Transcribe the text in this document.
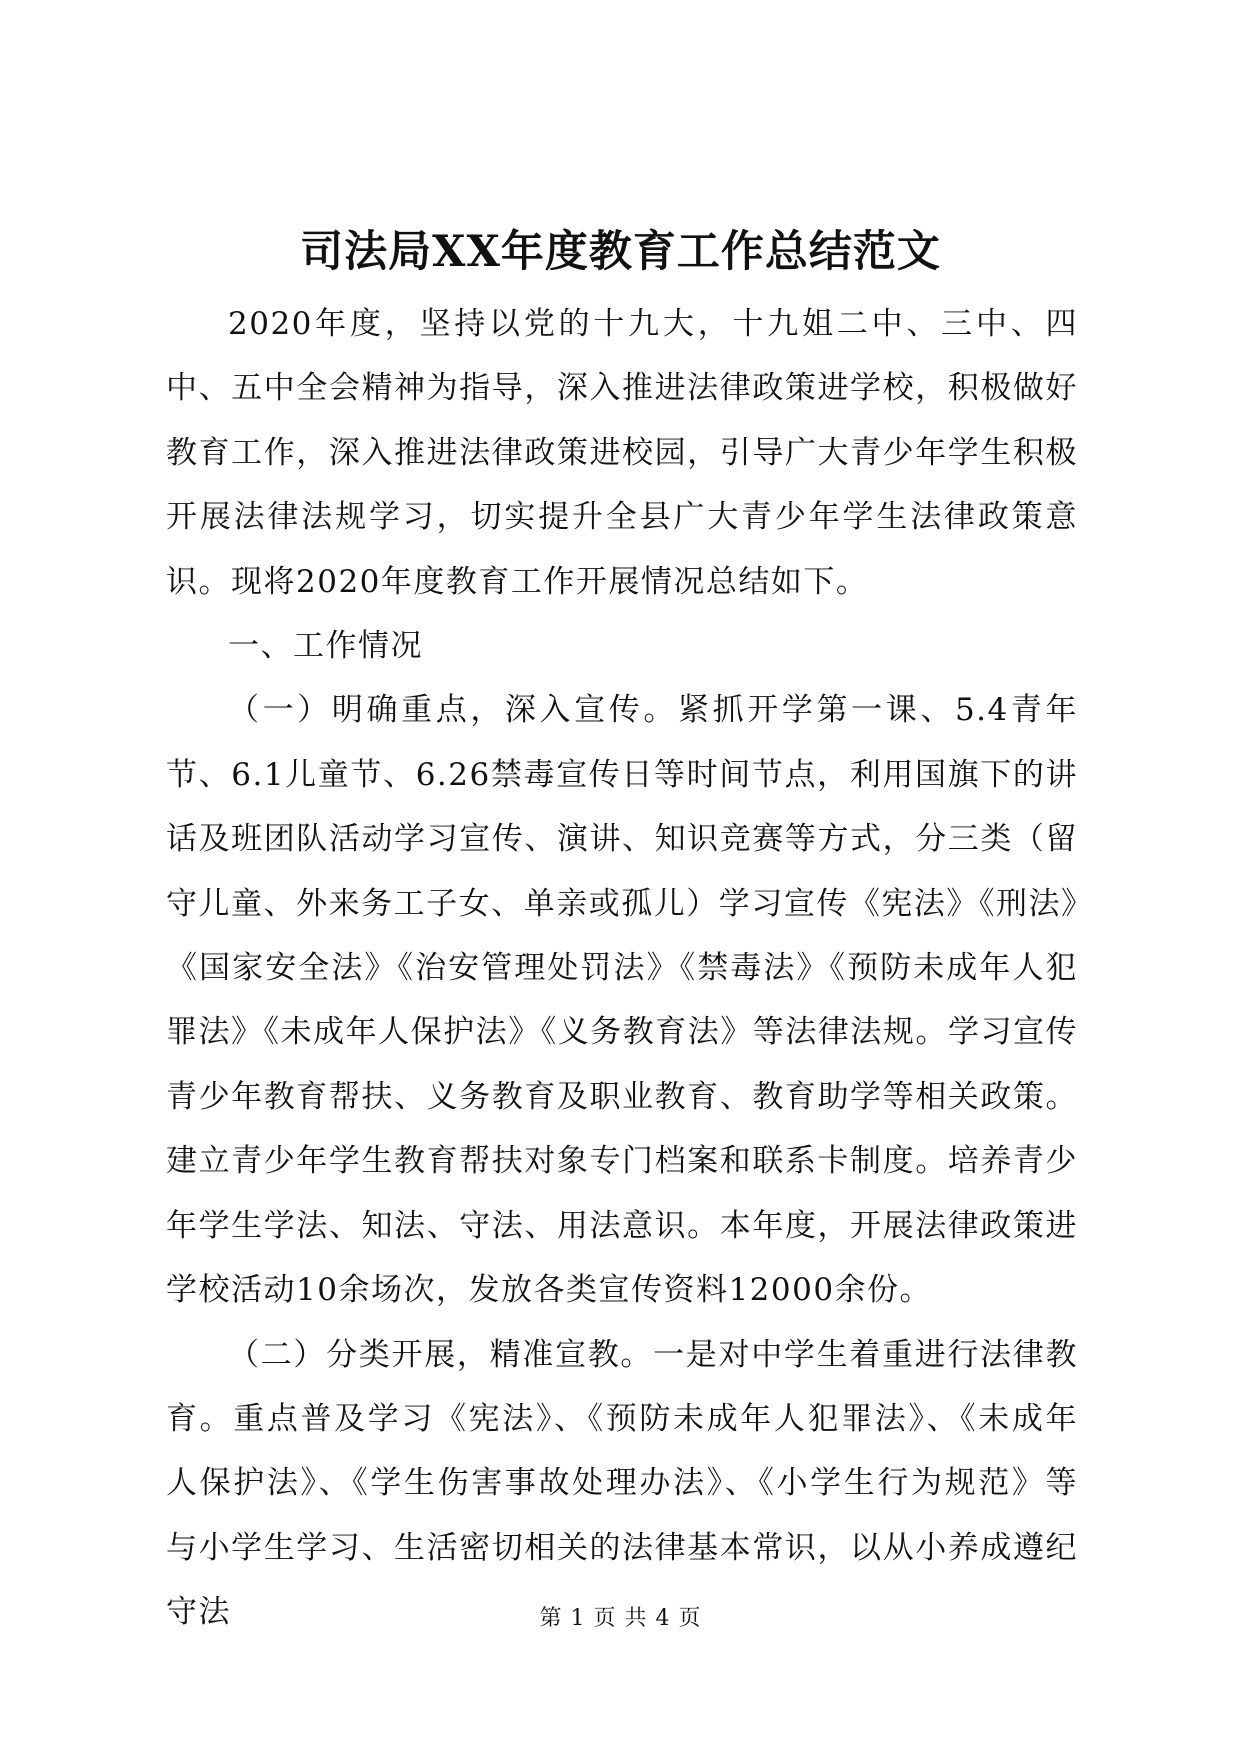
司法局XX年度教育工作总结范文

2020年度，坚持以党的十九大，十九姐二中、三中、四中、五中全会精神为指导，深入推进法律政策进学校，积极做好教育工作，深入推进法律政策进校园，引导广大青少年学生积极开展法律法规学习，切实提升全县广大青少年学生法律政策意识。现将2020年度教育工作开展情况总结如下。

一、工作情况

（一）明确重点，深入宣传。紧抓开学第一课、5.4青年节、6.1儿童节、6.26禁毒宣传日等时间节点，利用国旗下的讲话及班团队活动学习宣传、演讲、知识竞赛等方式，分三类（留守儿童、外来务工子女、单亲或孤儿）学习宣传《宪法》《刑法》《国家安全法》《治安管理处罚法》《禁毒法》《预防未成年人犯罪法》《未成年人保护法》《义务教育法》等法律法规。学习宣传青少年教育帮扶、义务教育及职业教育、教育助学等相关政策。建立青少年学生教育帮扶对象专门档案和联系卡制度。培养青少年学生学法、知法、守法、用法意识。本年度，开展法律政策进学校活动10余场次，发放各类宣传资料12000余份。

（二）分类开展，精准宣教。一是对中学生着重进行法律教育。重点普及学习《宪法》、《预防未成年人犯罪法》、《未成年人保护法》、《学生伤害事故处理办法》、《小学生行为规范》等与小学生学习、生活密切相关的法律基本常识，以从小养成遵纪守法	第 1 页 共 4 页
